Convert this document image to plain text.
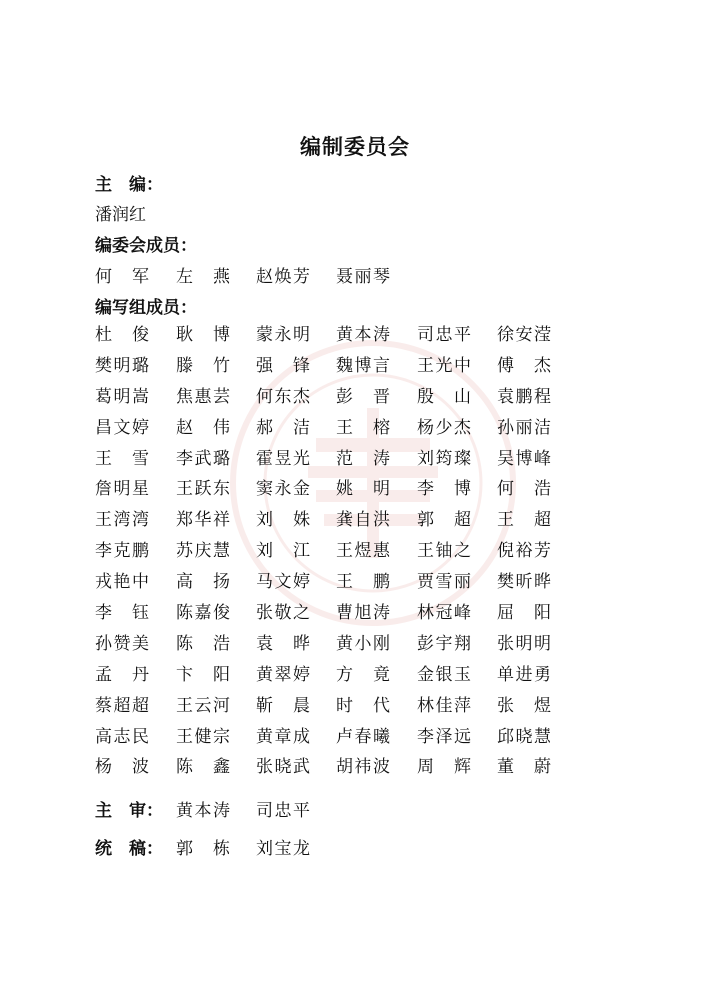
编制委员会
主　编：
潘润红
编委会成员：
何　军 左　燕 赵焕芳 聂丽琴
编写组成员：
杜　俊 耿　博 蒙永明 黄本涛 司忠平 徐安滢
樊明璐 滕　竹 强　锋 魏博言 王光中 傅　杰
葛明嵩 焦惠芸 何东杰 彭　晋 殷　山 袁鹏程
昌文婷 赵　伟 郝　洁 王　榕 杨少杰 孙丽洁
王　雪 李武璐 霍昱光 范　涛 刘筠璨 吴博峰
詹明星 王跃东 窦永金 姚　明 李　博 何　浩
王湾湾 郑华祥 刘　姝 龚自洪 郭　超 王　超
李克鹏 苏庆慧 刘　江 王煜惠 王铀之 倪裕芳
戎艳中 高　扬 马文婷 王　鹏 贾雪丽 樊昕晔
李　钰 陈嘉俊 张敬之 曹旭涛 林冠峰 屈　阳
孙赞美 陈　浩 袁　晔 黄小刚 彭宇翔 张明明
孟　丹 卞　阳 黄翠婷 方　竟 金银玉 单进勇
蔡超超 王云河 靳　晨 时　代 林佳萍 张　煜
高志民 王健宗 黄章成 卢春曦 李泽远 邱晓慧
杨　波 陈　鑫 张晓武 胡祎波 周　辉 董　蔚
主　审： 黄本涛 司忠平
统　稿： 郭　栋 刘宝龙
